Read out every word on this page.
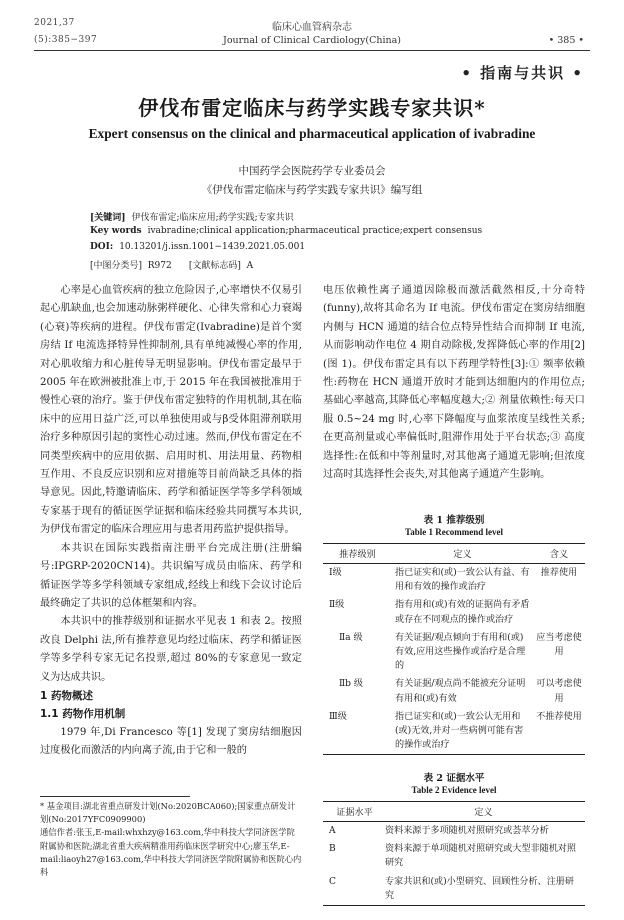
2021,37
(5):385−397
临床心血管病杂志
Journal of Clinical Cardiology(China)	• 385 •
• 指南与共识 •
伊伐布雷定临床与药学实践专家共识*
Expert consensus on the clinical and pharmaceutical application of ivabradine
中国药学会医院药学专业委员会
《伊伐布雷定临床与药学实践专家共识》编写组
[关键词] 伊伐布雷定;临床应用;药学实践;专家共识
Key words ivabradine;clinical application;pharmaceutical practice;expert consensus
DOI: 10.13201/j.issn.1001−1439.2021.05.001
[中图分类号] R972 [文献标志码] A

心率是心血管疾病的独立危险因子,心率增快不仅易引起心肌缺血,也会加速动脉粥样硬化、心律失常和心力衰竭(心衰)等疾病的进程。伊伐布雷定(Ivabradine)是首个窦房结 If 电流选择特异性抑制剂,具有单纯减慢心率的作用,对心肌收缩力和心脏传导无明显影响。伊伐布雷定最早于 2005 年在欧洲被批准上市,于 2015 年在我国被批准用于慢性心衰的治疗。鉴于伊伐布雷定独特的作用机制,其在临床中的应用日益广泛,可以单独使用或与β受体阻滞剂联用治疗多种原因引起的窦性心动过速。然而,伊伐布雷定在不同类型疾病中的应用依据、启用时机、用法用量、药物相互作用、不良反应识别和应对措施等目前尚缺乏具体的指导意见。因此,特邀请临床、药学和循证医学等多学科领域专家基于现有的循证医学证据和临床经验共同撰写本共识,为伊伐布雷定的临床合理应用与患者用药监护提供指导。

本共识在国际实践指南注册平台完成注册(注册编号:IPGRP-2020CN14)。共识编写成员由临床、药学和循证医学等多学科领域专家组成,经线上和线下会议讨论后最终确定了共识的总体框架和内容。

本共识中的推荐级别和证据水平见表 1 和表 2。按照改良 Delphi 法,所有推荐意见均经过临床、药学和循证医学等多学科专家无记名投票,超过 80%的专家意见一致定义为达成共识。

1 药物概述

1.1 药物作用机制

1979 年,Di Francesco 等[1] 发现了窦房结细胞因过度极化而激活的内向离子流,由于它和一般的

* 基金项目:湖北省重点研发计划(No:2020BCA060);国家重点研发计划(No:2017YFC0909900)

通信作者:张玉,E-mail:whxhzy@163.com,华中科技大学同济医学院附属协和医院;湖北省重大疾病精准用药临床医学研究中心;廖玉华,E-mail:liaoyh27@163.com,华中科技大学同济医学院附属协和医院心内科

电压依赖性离子通道因除极而激活截然相反,十分奇特(funny),故将其命名为 If 电流。伊伐布雷定在窦房结细胞内侧与 HCN 通道的结合位点特异性结合而抑制 If 电流,从而影响动作电位 4 期自动除极,发挥降低心率的作用[2](图 1)。伊伐布雷定具有以下药理学特性[3]:① 频率依赖性:药物在 HCN 通道开放时才能到达细胞内的作用位点;基础心率越高,其降低心率幅度越大;② 剂量依赖性:每天口服 0.5~24 mg 时,心率下降幅度与血浆浓度呈线性关系;在更高剂量或心率偏低时,阻滞作用处于平台状态;③ 高度选择性:在低和中等剂量时,对其他离子通道无影响;但浓度过高时其选择性会丧失,对其他离子通道产生影响。

表 1 推荐级别
Table 1 Recommend level
推荐级别	定义	含义
Ⅰ级	指已证实和(或)一致公认有益、有用和有效的操作或治疗	推荐使用
Ⅱ级	指有用和(或)有效的证据尚有矛盾或存在不同观点的操作或治疗	
Ⅱa 级	有关证据/观点倾向于有用和(或)有效,应用这些操作或治疗是合理的	应当考虑使用
Ⅱb 级	有关证据/观点尚不能被充分证明有用和(或)有效	可以考虑使用
Ⅲ级	指已证实和(或)一致公认无用和(或)无效,并对一些病例可能有害的操作或治疗	不推荐使用
表 2 证据水平
Table 2 Evidence level
证据水平	定义
A	资料来源于多项随机对照研究或荟萃分析
B	资料来源于单项随机对照研究或大型非随机对照研究
C	专家共识和(或)小型研究、回顾性分析、注册研究
